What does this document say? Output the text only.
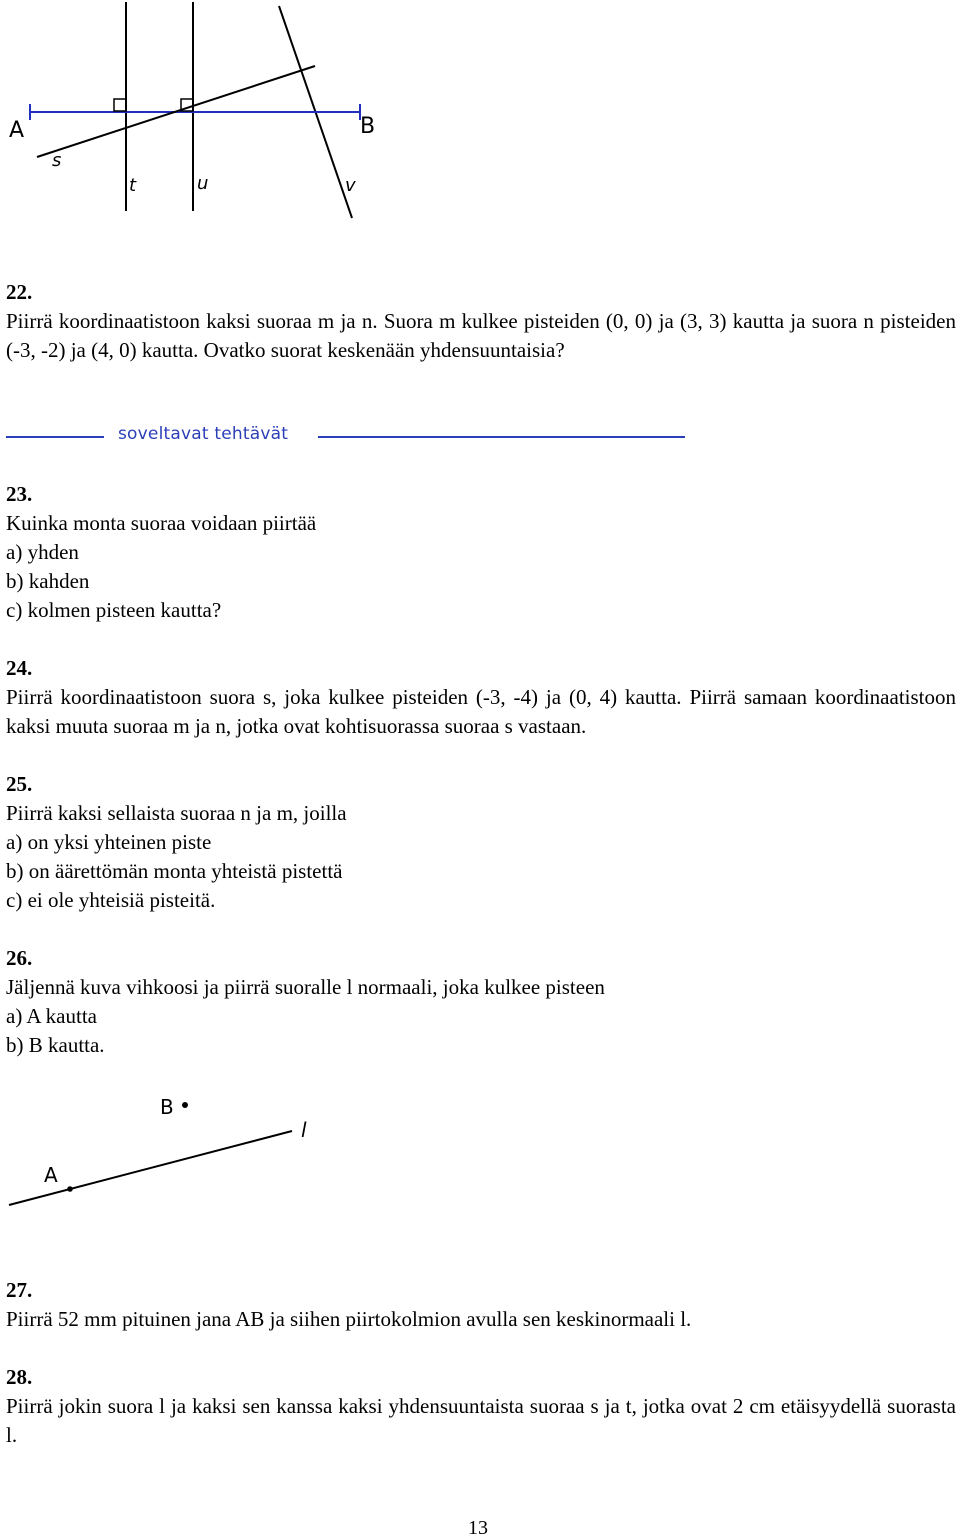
A	B
s
t	u	v
22.
Piirrä koordinaatistoon kaksi suoraa m ja n. Suora m kulkee pisteiden (0, 0) ja (3, 3) kautta ja suora n pisteiden (-3, -2) ja (4, 0) kautta. Ovatko suorat keskenään yhdensuuntaisia?
soveltavat tehtävät
23.
Kuinka monta suoraa voidaan piirtää
a) yhden
b) kahden
c) kolmen pisteen kautta?
24.
Piirrä koordinaatistoon suora s, joka kulkee pisteiden (-3, -4) ja (0, 4) kautta. Piirrä samaan koordinaatistoon kaksi muuta suoraa m ja n, jotka ovat kohtisuorassa suoraa s vastaan.
25.
Piirrä kaksi sellaista suoraa n ja m, joilla
a) on yksi yhteinen piste
b) on äärettömän monta yhteistä pistettä
c) ei ole yhteisiä pisteitä.
26.
Jäljennä kuva vihkoosi ja piirrä suoralle l normaali, joka kulkee pisteen
a) A kautta
b) B kautta.
A
B
l
27.
Piirrä 52 mm pituinen jana AB ja siihen piirtokolmion avulla sen keskinormaali l.
28.
Piirrä jokin suora l ja kaksi sen kanssa kaksi yhdensuuntaista suoraa s ja t, jotka ovat 2 cm etäisyydellä suorasta l.
13
